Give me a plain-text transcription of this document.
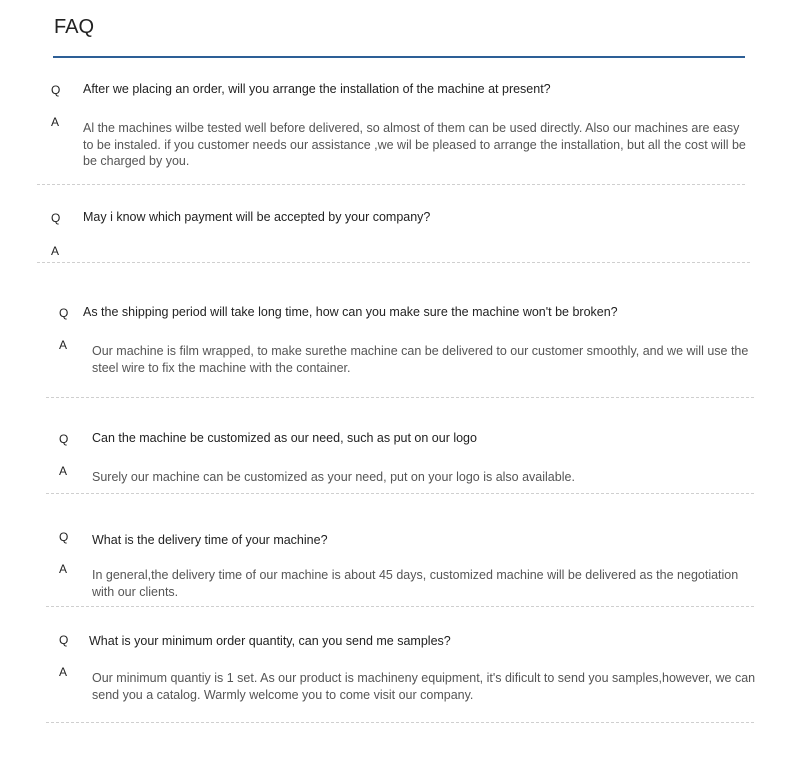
FAQ
Q After we placing an order, will you arrange the installation of the machine at present?
A Al the machines wilbe tested well before delivered, so almost of them can be used directly. Also our machines are easy to be instaled. if you customer needs our assistance ,we wil be pleased to arrange the installation, but all the cost will be be charged by you.
Q May i know which payment will be accepted by your company?
A
Q As the shipping period will take long time, how can you make sure the machine won't be broken?
A Our machine is film wrapped, to make surethe machine can be delivered to our customer smoothly, and we will use the steel wire to fix the machine with the container.
Q Can the machine be customized as our need, such as put on our logo
A Surely our machine can be customized as your need, put on your logo is also available.
Q What is the delivery time of your machine?
A In general,the delivery time of our machine is about 45 days, customized machine will be delivered as the negotiation with our clients.
Q What is your minimum order quantity, can you send me samples?
A Our minimum quantiy is 1 set. As our product is machineny equipment, it's dificult to send you samples,however, we can send you a catalog. Warmly welcome you to come visit our company.
